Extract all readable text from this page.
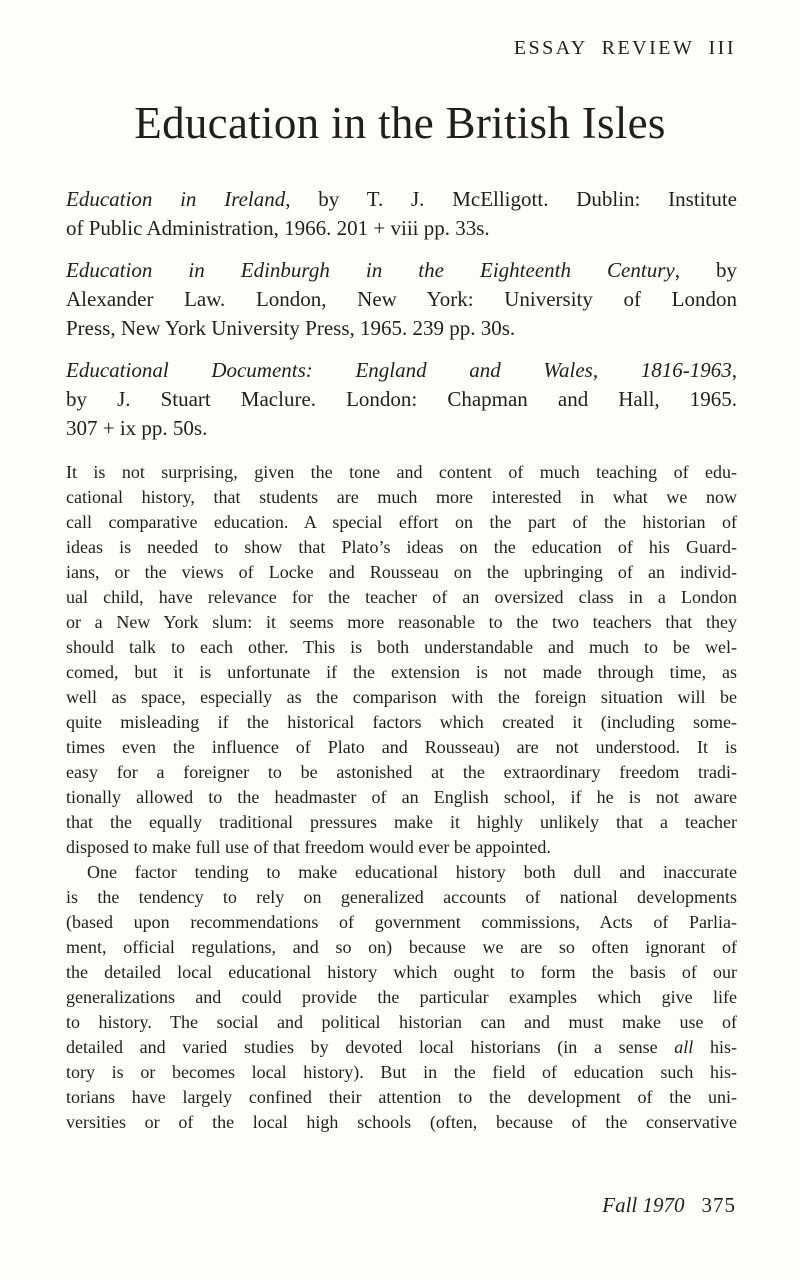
ESSAY REVIEW III
Education in the British Isles
Education in Ireland, by T. J. McElligott. Dublin: Institute
of Public Administration, 1966. 201 + viii pp. 33s.
Education in Edinburgh in the Eighteenth Century, by
Alexander Law. London, New York: University of London
Press, New York University Press, 1965. 239 pp. 30s.
Educational Documents: England and Wales, 1816-1963,
by J. Stuart Maclure. London: Chapman and Hall, 1965.
307 + ix pp. 50s.
It is not surprising, given the tone and content of much teaching of edu-
cational history, that students are much more interested in what we now
call comparative education. A special effort on the part of the historian of
ideas is needed to show that Plato’s ideas on the education of his Guard-
ians, or the views of Locke and Rousseau on the upbringing of an individ-
ual child, have relevance for the teacher of an oversized class in a London
or a New York slum: it seems more reasonable to the two teachers that they
should talk to each other. This is both understandable and much to be wel-
comed, but it is unfortunate if the extension is not made through time, as
well as space, especially as the comparison with the foreign situation will be
quite misleading if the historical factors which created it (including some-
times even the influence of Plato and Rousseau) are not understood. It is
easy for a foreigner to be astonished at the extraordinary freedom tradi-
tionally allowed to the headmaster of an English school, if he is not aware
that the equally traditional pressures make it highly unlikely that a teacher
disposed to make full use of that freedom would ever be appointed.
One factor tending to make educational history both dull and inaccurate
is the tendency to rely on generalized accounts of national developments
(based upon recommendations of government commissions, Acts of Parlia-
ment, official regulations, and so on) because we are so often ignorant of
the detailed local educational history which ought to form the basis of our
generalizations and could provide the particular examples which give life
to history. The social and political historian can and must make use of
detailed and varied studies by devoted local historians (in a sense all his-
tory is or becomes local history). But in the field of education such his-
torians have largely confined their attention to the development of the uni-
versities or of the local high schools (often, because of the conservative
Fall 1970 375
